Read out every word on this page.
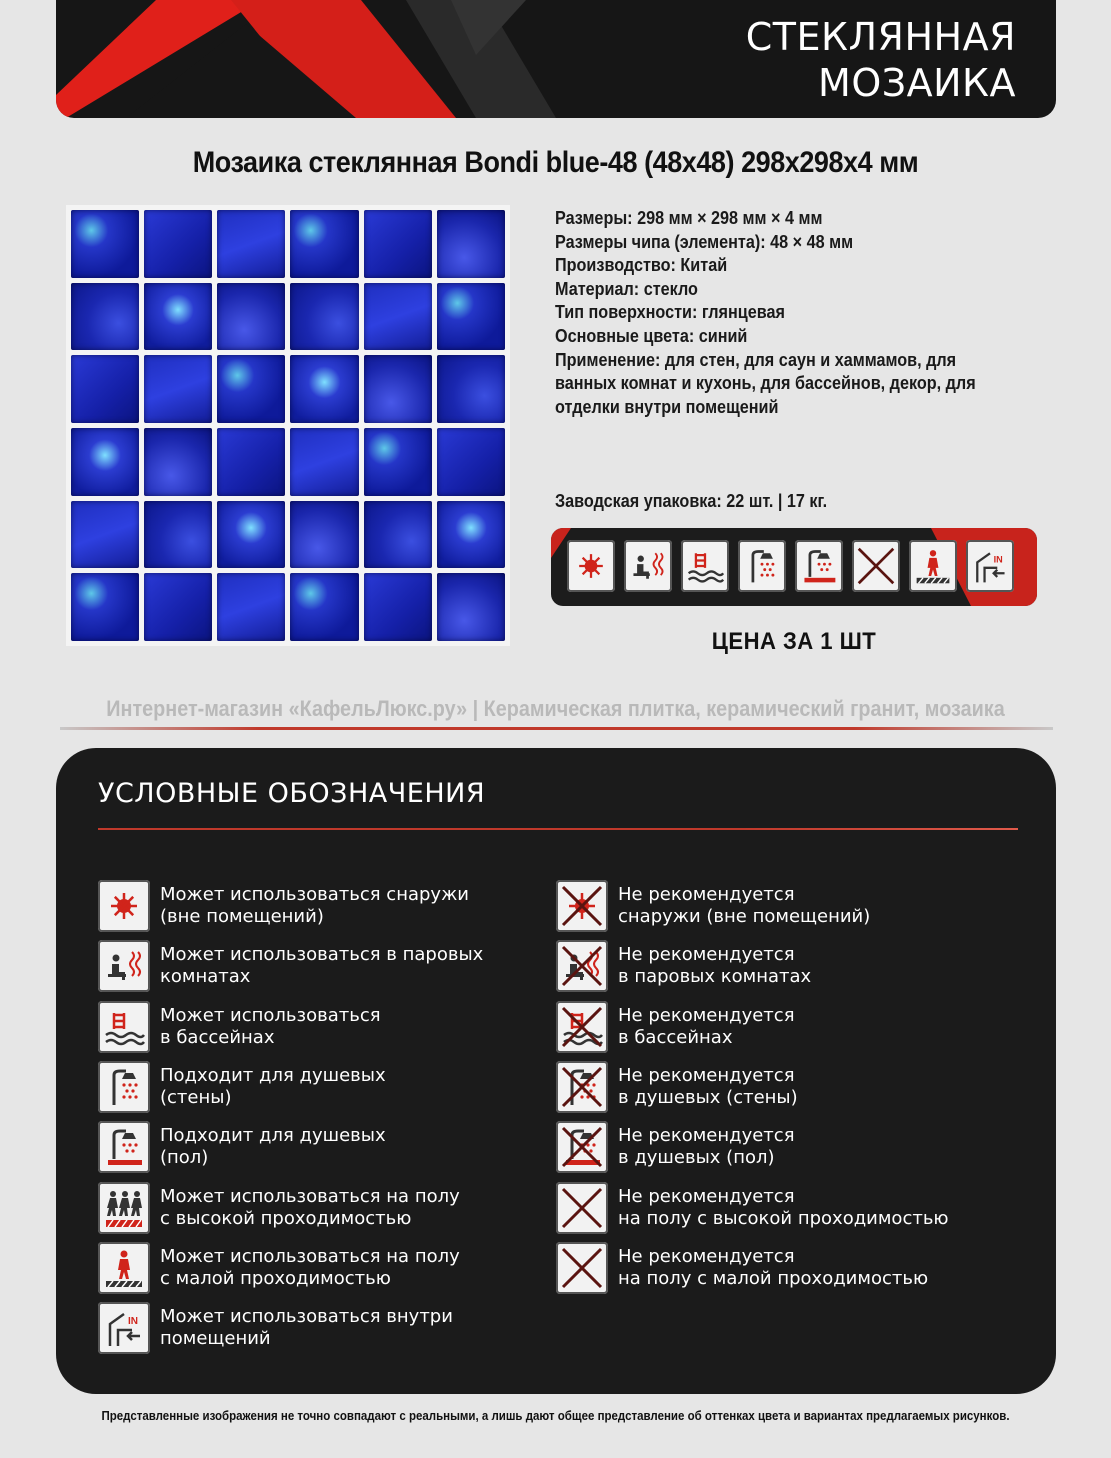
СТЕКЛЯННАЯ
МОЗАИКА
Мозаика стеклянная Bondi blue-48 (48x48) 298x298x4 мм
Размеры: 298 мм × 298 мм × 4 мм
Размеры чипа (элемента): 48 × 48 мм
Производство: Китай
Материал: стекло
Тип поверхности: глянцевая
Основные цвета: синий
Применение: для стен, для саун и хаммамов, для ванных комнат и кухонь, для бассейнов, декор, для отделки внутри помещений
Заводская упаковка: 22 шт. | 17 кг.
IN
ЦЕНА ЗА 1 ШТ
Интернет-магазин «КафельЛюкс.ру» | Керамическая плитка, керамический гранит, мозаика
УСЛОВНЫЕ ОБОЗНАЧЕНИЯ
Может использоваться снаружи
(вне помещений)
Может использоваться в паровых
комнатах
Может использоваться
в бассейнах
Подходит для душевых
(стены)
Подходит для душевых
(пол)
Может использоваться на полу
с высокой проходимостью
Может использоваться на полу
с малой проходимостью
IN Может использоваться внутри
помещений
Не рекомендуется
снаружи (вне помещений)
Не рекомендуется
в паровых комнатах
Не рекомендуется
в бассейнах
Не рекомендуется
в душевых (стены)
Не рекомендуется
в душевых (пол)
Не рекомендуется
на полу с высокой проходимостью
Не рекомендуется
на полу с малой проходимостью
Представленные изображения не точно совпадают с реальными, а лишь дают общее представление об оттенках цвета и вариантах предлагаемых рисунков.
